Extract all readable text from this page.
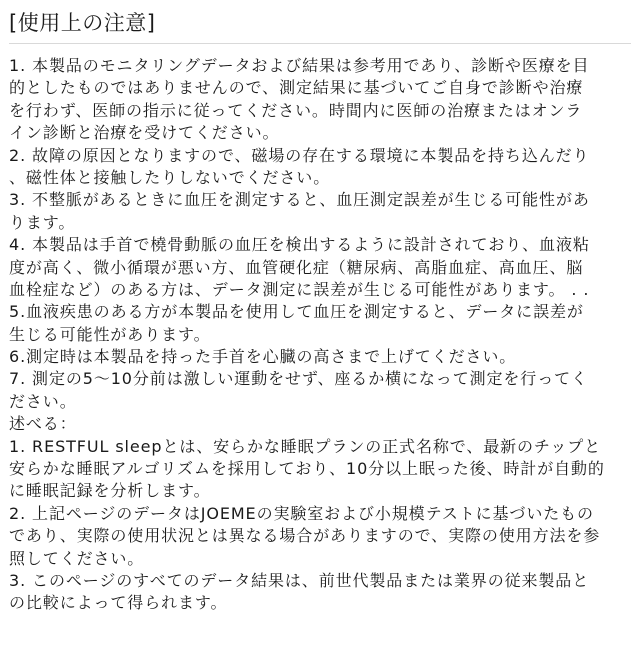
[使用上の注意]
1. 本製品のモニタリングデータおよび結果は参考用であり、診断や医療を目
的としたものではありませんので、測定結果に基づいてご自身で診断や治療
を行わず、医師の指示に従ってください。時間内に医師の治療またはオンラ
イン診断と治療を受けてください。
2. 故障の原因となりますので、磁場の存在する環境に本製品を持ち込んだり
、磁性体と接触したりしないでください。
3. 不整脈があるときに血圧を測定すると、血圧測定誤差が生じる可能性があ
ります。
4. 本製品は手首で橈骨動脈の血圧を検出するように設計されており、血液粘
度が高く、微小循環が悪い方、血管硬化症（糖尿病、高脂血症、高血圧、脳
血栓症など）のある方は、データ測定に誤差が生じる可能性があります。 . .
5.血液疾患のある方が本製品を使用して血圧を測定すると、データに誤差が
生じる可能性があります。
6.測定時は本製品を持った手首を心臓の高さまで上げてください。
7. 測定の5～10分前は激しい運動をせず、座るか横になって測定を行ってく
ださい。
述べる：
1. RESTFUL sleepとは、安らかな睡眠プランの正式名称で、最新のチップと
安らかな睡眠アルゴリズムを採用しており、10分以上眠った後、時計が自動的
に睡眠記録を分析します。
2. 上記ページのデータはJOEMEの実験室および小規模テストに基づいたもの
であり、実際の使用状況とは異なる場合がありますので、実際の使用方法を参
照してください。
3. このページのすべてのデータ結果は、前世代製品または業界の従来製品と
の比較によって得られます。
